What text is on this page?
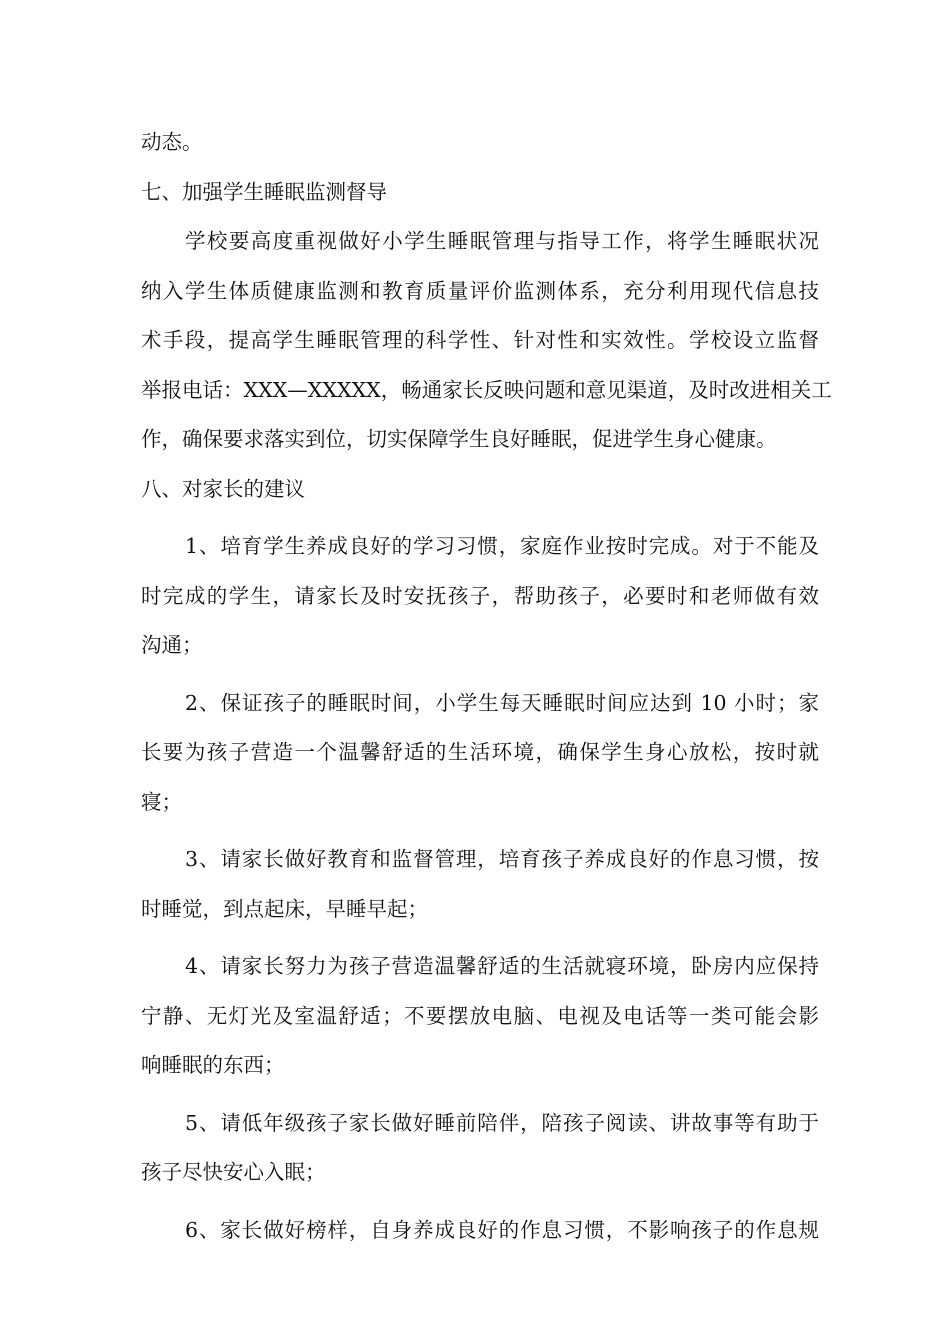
动态。
七、加强学生睡眠监测督导
学校要高度重视做好小学生睡眠管理与指导工作，将学生睡眠状况
纳入学生体质健康监测和教育质量评价监测体系，充分利用现代信息技
术手段，提高学生睡眠管理的科学性、针对性和实效性。学校设立监督
举报电话：XXX—XXXXX，畅通家长反映问题和意见渠道，及时改进相关工
作，确保要求落实到位，切实保障学生良好睡眠，促进学生身心健康。
八、对家长的建议
1、培育学生养成良好的学习习惯，家庭作业按时完成。对于不能及
时完成的学生，请家长及时安抚孩子，帮助孩子，必要时和老师做有效
沟通；
2、保证孩子的睡眠时间，小学生每天睡眠时间应达到 10 小时；家
长要为孩子营造一个温馨舒适的生活环境，确保学生身心放松，按时就
寝；
3、请家长做好教育和监督管理，培育孩子养成良好的作息习惯，按
时睡觉，到点起床，早睡早起；
4、请家长努力为孩子营造温馨舒适的生活就寝环境，卧房内应保持
宁静、无灯光及室温舒适；不要摆放电脑、电视及电话等一类可能会影
响睡眠的东西；
5、请低年级孩子家长做好睡前陪伴，陪孩子阅读、讲故事等有助于
孩子尽快安心入眠；
6、家长做好榜样，自身养成良好的作息习惯，不影响孩子的作息规
